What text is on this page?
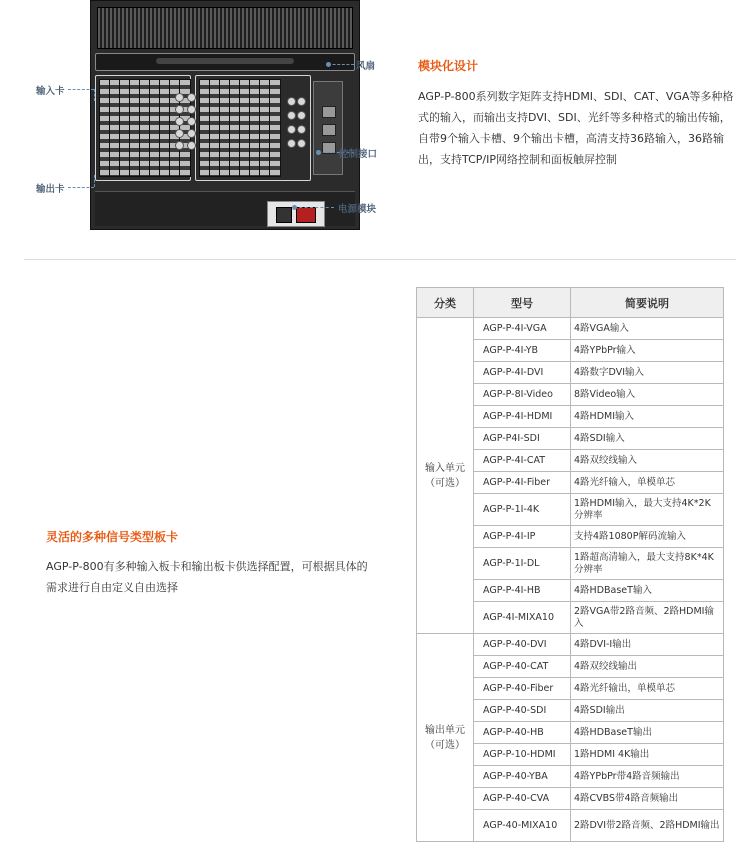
风扇
输入卡
控制接口
输出卡
电源模块
模块化设计
AGP-P-800系列数字矩阵支持HDMI、SDI、CAT、VGA等多种格式的输入，而输出支持DVI、SDI、光纤等多种格式的输出传输，自带9个输入卡槽、9个输出卡槽，高清支持36路输入，36路输出，支持TCP/IP网络控制和面板触屏控制
灵活的多种信号类型板卡
AGP-P-800有多种输入板卡和输出板卡供选择配置，可根据具体的需求进行自由定义自由选择
分类	型号	简要说明
输入单元（可选）	AGP-P-4I-VGA	4路VGA输入
	AGP-P-4I-YB	4路YPbPr输入
	AGP-P-4I-DVI	4路数字DVI输入
	AGP-P-8I-Video	8路Video输入
	AGP-P-4I-HDMI	4路HDMI输入
	AGP-P4I-SDI	4路SDI输入
	AGP-P-4I-CAT	4路双绞线输入
	AGP-P-4I-Fiber	4路光纤输入，单模单芯
	AGP-P-1I-4K	1路HDMI输入，最大支持4K*2K分辨率
	AGP-P-4I-IP	支持4路1080P解码流输入
	AGP-P-1I-DL	1路超高清输入，最大支持8K*4K分辨率
	AGP-P-4I-HB	4路HDBaseT输入
	AGP-4I-MIXA10	2路VGA带2路音频、2路HDMI输入
输出单元（可选）	AGP-P-40-DVI	4路DVI-I输出
	AGP-P-40-CAT	4路双绞线输出
	AGP-P-40-Fiber	4路光纤输出，单模单芯
	AGP-P-40-SDI	4路SDI输出
	AGP-P-40-HB	4路HDBaseT输出
	AGP-P-10-HDMI	1路HDMI 4K输出
	AGP-P-40-YBA	4路YPbPr带4路音频输出
	AGP-P-40-CVA	4路CVBS带4路音频输出
	AGP-40-MIXA10	2路DVI带2路音频、2路HDMI输出
